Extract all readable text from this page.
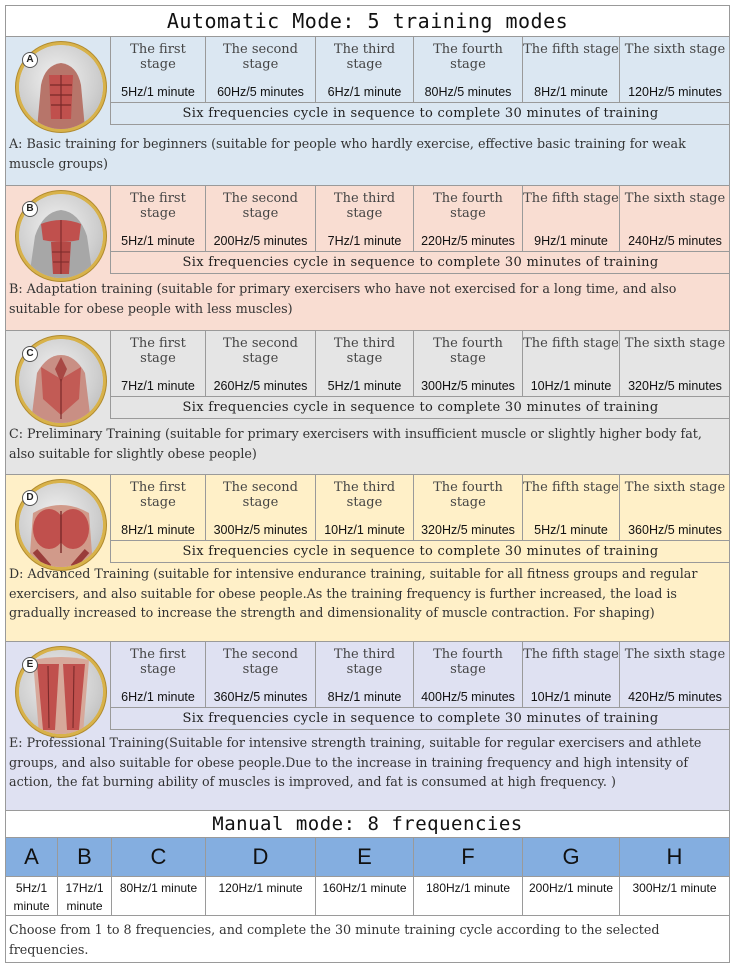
Automatic Mode: 5 training modes
A
The first stage
5Hz/1 minute
The second stage
60Hz/5 minutes
The third stage
6Hz/1 minute
The fourth stage
80Hz/5 minutes
The fifth stage
8Hz/1 minute
The sixth stage
120Hz/5 minutes
Six frequencies cycle in sequence to complete 30 minutes of training
A: Basic training for beginners (suitable for people who hardly exercise, effective basic training for weak muscle groups)
B
The first stage
5Hz/1 minute
The second stage
200Hz/5 minutes
The third stage
7Hz/1 minute
The fourth stage
220Hz/5 minutes
The fifth stage
9Hz/1 minute
The sixth stage
240Hz/5 minutes
Six frequencies cycle in sequence to complete 30 minutes of training
B: Adaptation training (suitable for primary exercisers who have not exercised for a long time, and also suitable for obese people with less muscles)
C
The first stage
7Hz/1 minute
The second stage
260Hz/5 minutes
The third stage
5Hz/1 minute
The fourth stage
300Hz/5 minutes
The fifth stage
10Hz/1 minute
The sixth stage
320Hz/5 minutes
Six frequencies cycle in sequence to complete 30 minutes of training
C: Preliminary Training (suitable for primary exercisers with insufficient muscle or slightly higher body fat, also suitable for slightly obese people)
D
The first stage
8Hz/1 minute
The second stage
300Hz/5 minutes
The third stage
10Hz/1 minute
The fourth stage
320Hz/5 minutes
The fifth stage
5Hz/1 minute
The sixth stage
360Hz/5 minutes
Six frequencies cycle in sequence to complete 30 minutes of training
D: Advanced Training (suitable for intensive endurance training, suitable for all fitness groups and regular exercisers, and also suitable for obese people.As the training frequency is further increased, the load is gradually increased to increase the strength and dimensionality of muscle contraction. For shaping)
E
The first stage
6Hz/1 minute
The second stage
360Hz/5 minutes
The third stage
8Hz/1 minute
The fourth stage
400Hz/5 minutes
The fifth stage
10Hz/1 minute
The sixth stage
420Hz/5 minutes
Six frequencies cycle in sequence to complete 30 minutes of training
E: Professional Training(Suitable for intensive strength training, suitable for regular exercisers and athlete groups, and also suitable for obese people.Due to the increase in training frequency and high intensity of action, the fat burning ability of muscles is improved, and fat is consumed at high frequency. )
Manual mode: 8 frequencies
A
5Hz/1 minute
B
17Hz/1 minute
C
80Hz/1 minute
D
120Hz/1 minute
E
160Hz/1 minute
F
180Hz/1 minute
G
200Hz/1 minute
H
300Hz/1 minute
Choose from 1 to 8 frequencies, and complete the 30 minute training cycle according to the selected frequencies.
